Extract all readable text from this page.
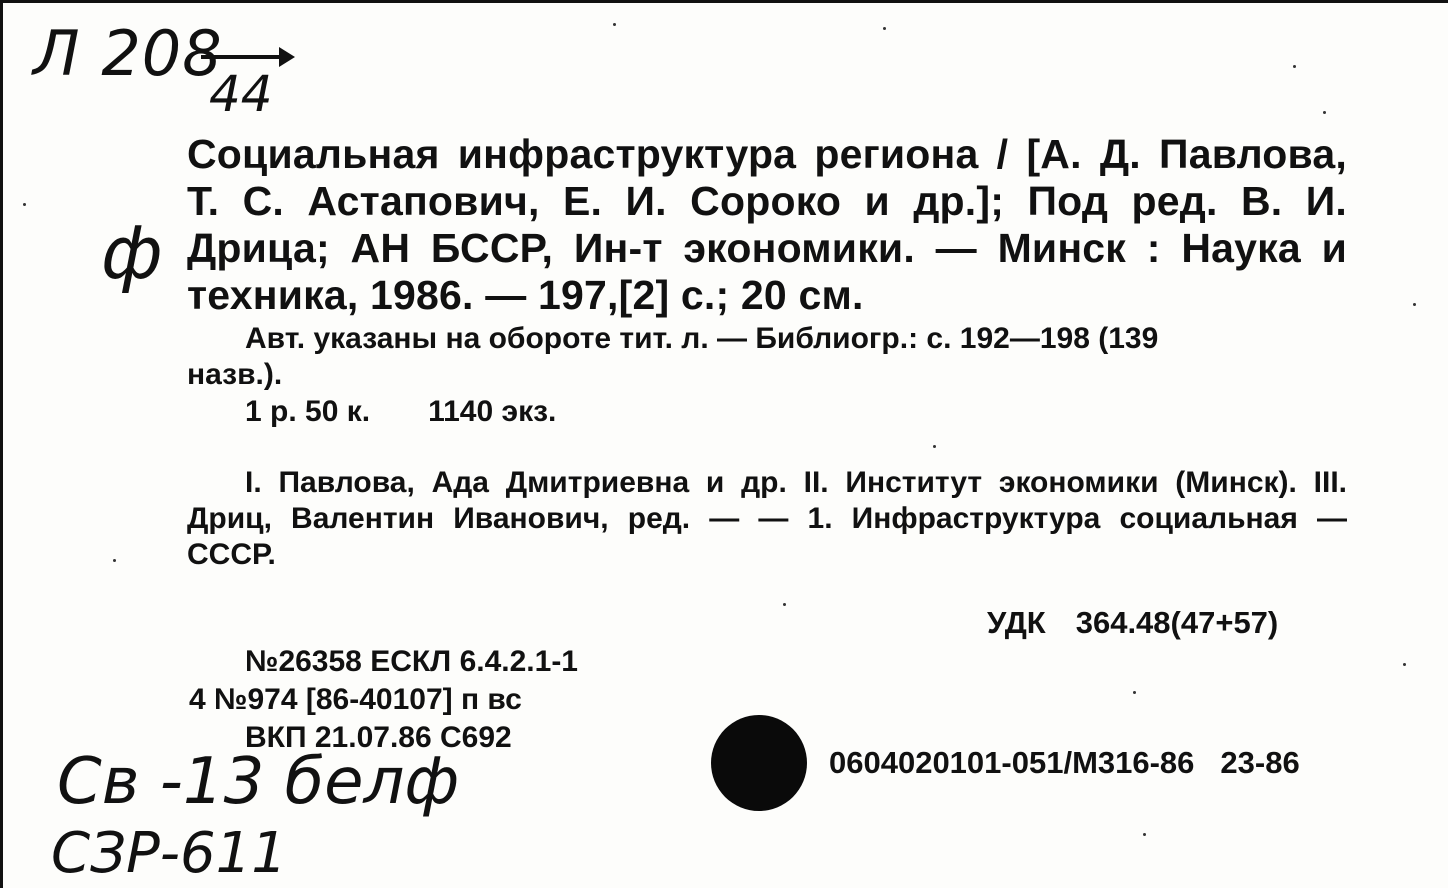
Л 208
44
ф
Св -13 белф
СЗР-611
Социальная инфраструктура региона / [А. Д. Павлова, Т. С. Астапович, Е. И. Сороко и др.]; Под ред. В. И. Дрица; АН БССР, Ин-т экономики. — Минск : Наука и техника, 1986. — 197,[2] с.; 20 см.
Авт. указаны на обороте тит. л. — Библиогр.: с. 192—198 (139
назв.).
1 р. 50 к. 1140 экз.
I. Павлова, Ада Дмитриевна и др. II. Институт экономики (Минск). III. Дриц, Валентин Иванович, ред. — — 1. Инфраструктура социальная — СССР.
УДК 364.48(47+57)
№26358 ЕСКЛ 6.4.2.1-1
4 №974 [86-40107] п вс
ВКП 21.07.86 С692
0604020101-051/М316-86 23-86
